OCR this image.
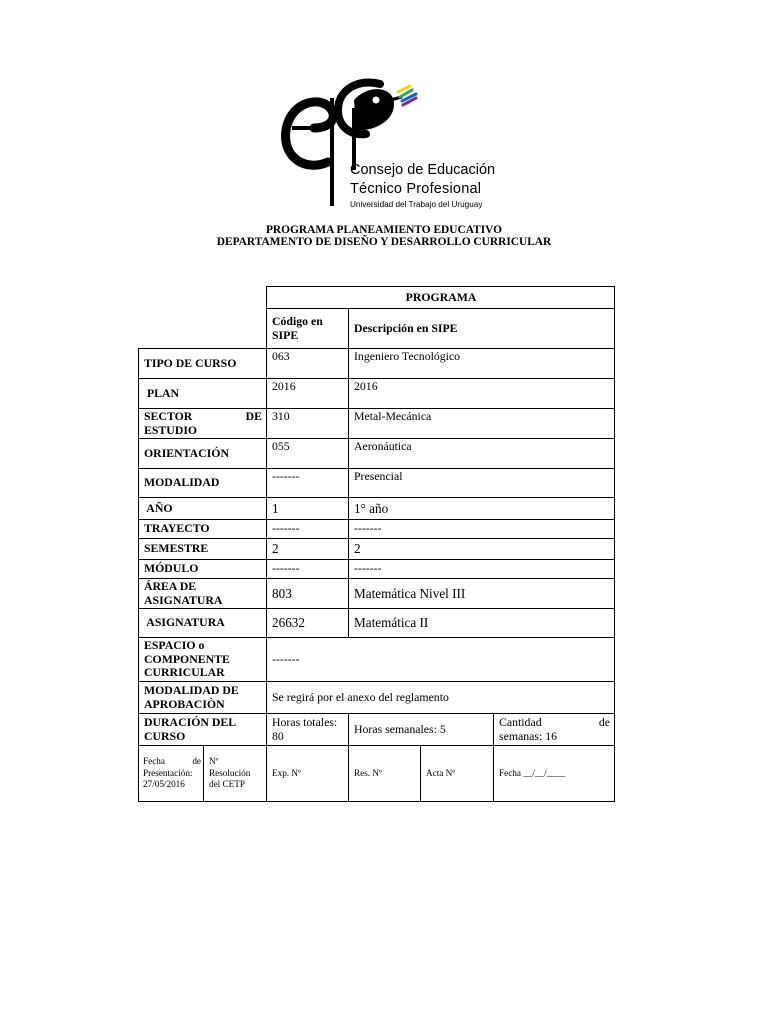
Consejo de Educación
Técnico Profesional
Universidad del Trabajo del Uruguay
PROGRAMA PLANEAMIENTO EDUCATIVO
DEPARTAMENTO DE DISEÑO Y DESARROLLO CURRICULAR
		PROGRAMA			
		Código en SIPE	Descripción en SIPE		
TIPO DE CURSO		063	Ingeniero Tecnológico		
PLAN		2016	2016		

SECTOR DE
ESTUDIO		310	Metal-Mecánica		
ORIENTACIÓN		055	Aeronáutica		
MODALIDAD		-------	Presencial		
AÑO		1	1° año		
TRAYECTO		-------	-------		
SEMESTRE		2	2		
MÓDULO		-------	-------		
ÁREA DE ASIGNATURA		803	Matemática Nivel III		
ASIGNATURA		26632	Matemática II		
ESPACIO o COMPONENTE CURRICULAR		-------			
MODALIDAD DE APROBACIÒN		Se regirá por el anexo del reglamento			
DURACIÓN DEL CURSO		Horas totales: 80	Horas semanales: 5		Cantidad de
semanas: 16

Fecha de
Presentación:
27/05/2016	Nº Resolución del CETP	Exp. Nº	Res. Nº	Acta Nº	Fecha __/__/____
